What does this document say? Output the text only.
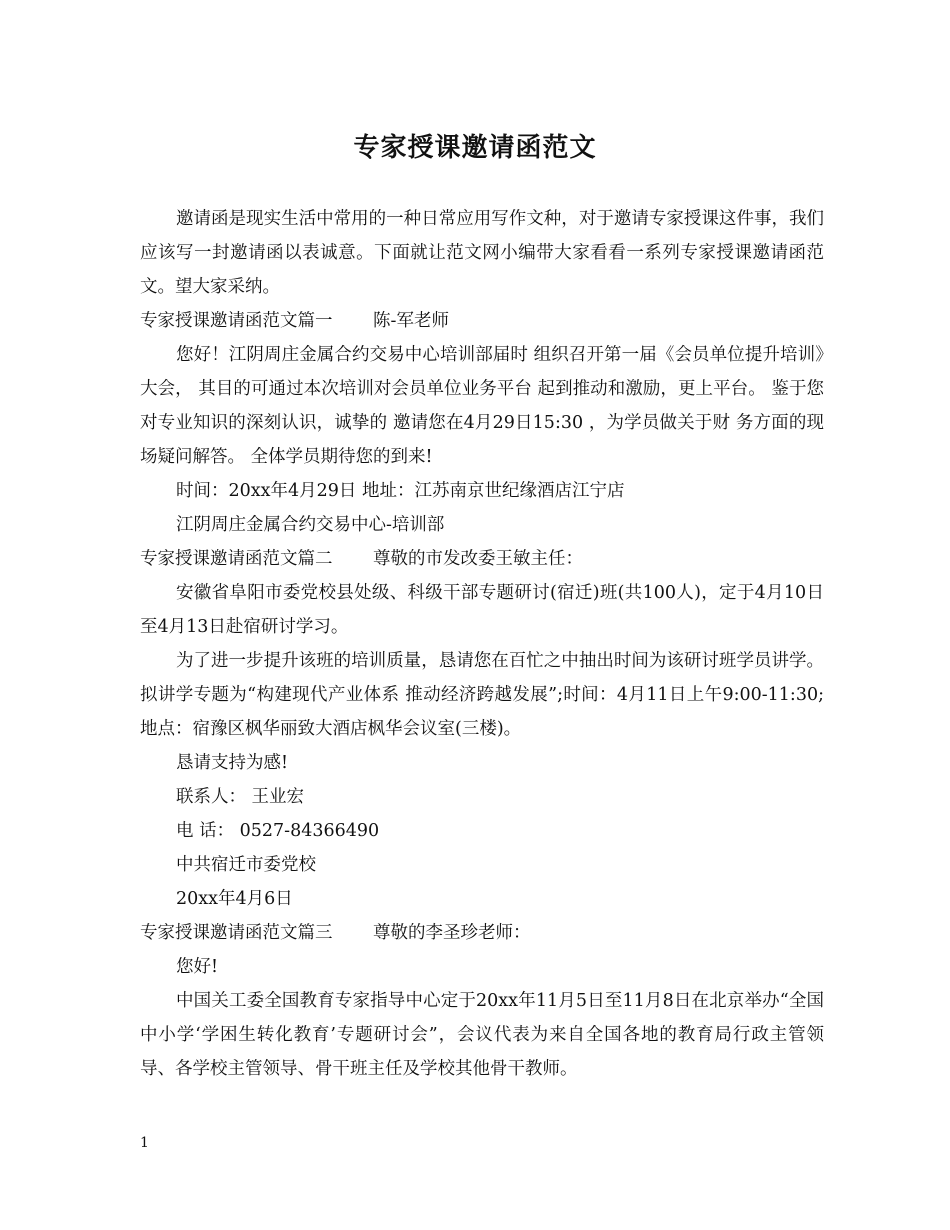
专家授课邀请函范文

邀请函是现实生活中常用的一种日常应用写作文种，对于邀请专家授课这件事，我们应该写一封邀请函以表诚意。下面就让范文网小编带大家看看一系列专家授课邀请函范文。望大家采纳。

专家授课邀请函范文篇一　　 陈-军老师

您好！江阴周庄金属合约交易中心培训部届时 组织召开第一届《会员单位提升培训》大会， 其目的可通过本次培训对会员单位业务平台 起到推动和激励，更上平台。 鉴于您对专业知识的深刻认识，诚挚的 邀请您在4月29日15:30 ，为学员做关于财 务方面的现场疑问解答。 全体学员期待您的到来!

时间：20xx年4月29日 地址：江苏南京世纪缘酒店江宁店

江阴周庄金属合约交易中心-培训部

专家授课邀请函范文篇二　　 尊敬的市发改委王敏主任：

安徽省阜阳市委党校县处级、科级干部专题研讨(宿迁)班(共100人)，定于4月10日至4月13日赴宿研讨学习。

为了进一步提升该班的培训质量，恳请您在百忙之中抽出时间为该研讨班学员讲学。拟讲学专题为“构建现代产业体系 推动经济跨越发展”;时间：4月11日上午9:00-11:30;地点：宿豫区枫华丽致大酒店枫华会议室(三楼)。

恳请支持为感!

联系人： 王业宏

电 话： 0527-84366490

中共宿迁市委党校

20xx年4月6日

专家授课邀请函范文篇三　　 尊敬的李圣珍老师：

您好!

中国关工委全国教育专家指导中心定于20xx年11月5日至11月8日在北京举办“全国中小学‘学困生转化教育’专题研讨会”，会议代表为来自全国各地的教育局行政主管领导、各学校主管领导、骨干班主任及学校其他骨干教师。

1
